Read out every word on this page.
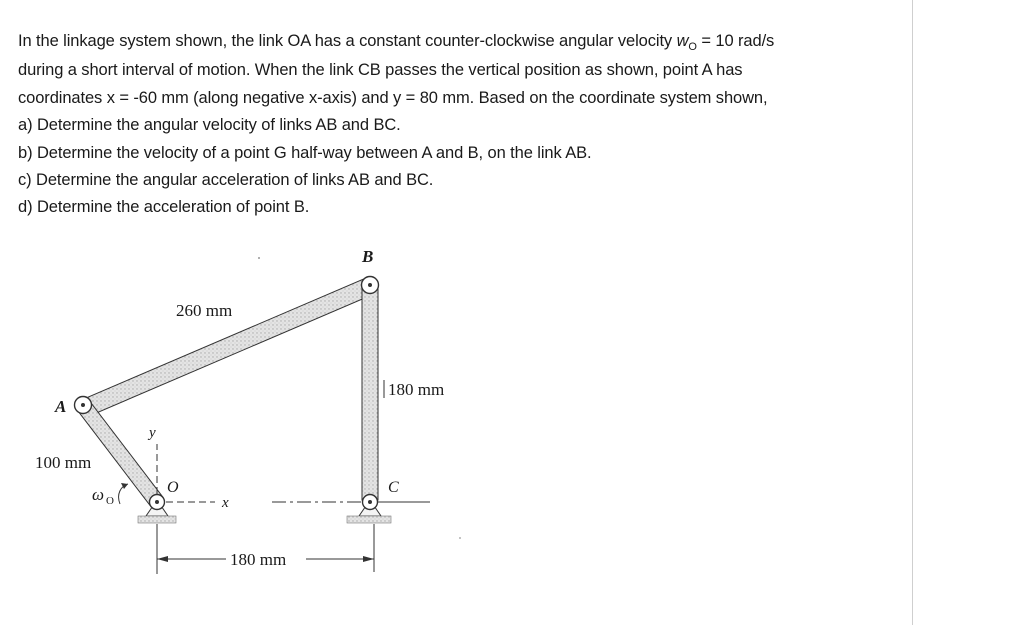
In the linkage system shown, the link OA has a constant counter-clockwise angular velocity $w_O = 10$ rad/s
during a short interval of motion. When the link CB passes the vertical position as shown, point A has
coordinates x = -60 mm (along negative x-axis) and y = 80 mm. Based on the coordinate system shown,
a) Determine the angular velocity of links AB and BC.
b) Determine the velocity of a point G half-way between A and B, on the link AB.
c) Determine the angular acceleration of links AB and BC.
d) Determine the acceleration of point B.
B
A
C
O
y
x
ω O
260 mm
180 mm
100 mm
180 mm
